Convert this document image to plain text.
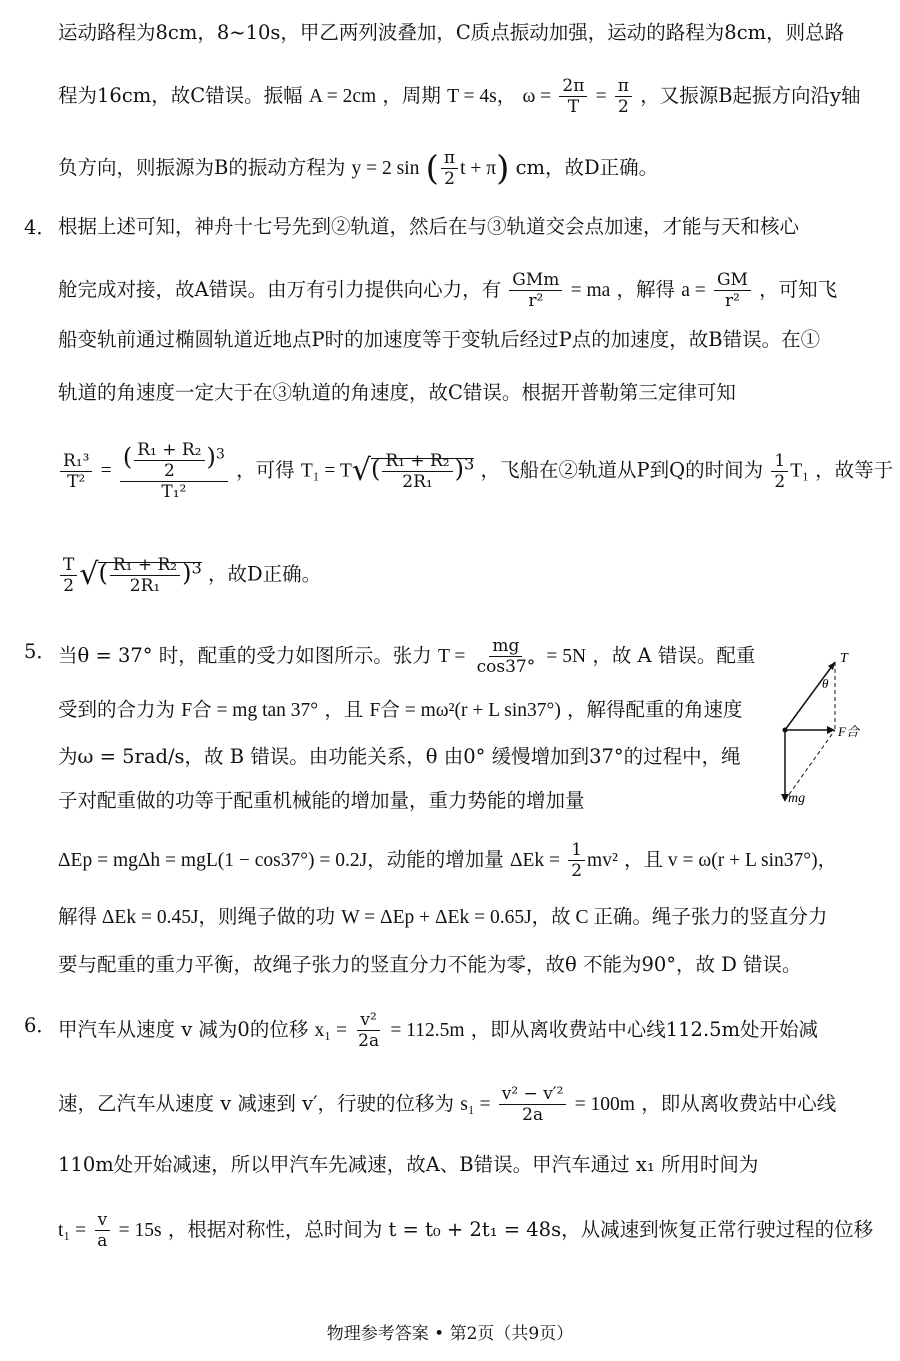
运动路程为8cm，8~10s，甲乙两列波叠加，C质点振动加强，运动的路程为8cm，则总路
程为16cm，故C错误。振幅 A = 2cm ，周期 T = 4s， $\omega = \frac{2\pi}{T} = \frac{\pi}{2}$ ，又振源B起振方向沿y轴
负方向，则振源为B的振动方程为 y = 2 sin ( $\frac{\pi}{2}$ t + π) cm，故D正确。
4． 根据上述可知，神舟十七号先到②轨道，然后在与③轨道交会点加速，才能与天和核心
舱完成对接，故A错误。由万有引力提供向心力，有 GMm
r² = ma ，解得 $a = \frac{GM}{\text{r²}}$ ，可知飞
船变轨前通过椭圆轨道近地点P时的加速度等于变轨后经过P点的加速度，故B错误。在①
轨道的角速度一定大于在③轨道的角速度，故C错误。根据开普勒第三定律可知
$\frac{\text{R₁³}}{\text{T²}} = \frac{( \frac{\text{R₁ + R₂}}{2} )^3}{\text{T₁²}}$ ，可得 $T_1 = T√( \frac{\text{R₁ + R₂}}{\text{2R₁}} )^3$ ，飞船在②轨道从P到Q的时间为 $\frac{1}{2} T_1$ ，故等于
$\frac{T}{2}$ √( $\frac{\text{R₁ + R₂}}{\text{2R₁}} )^3$ ，故D正确。
5． 当θ = 37° 时，配重的受力如图所示。张力 $T = \frac{mg}{\cos 37^\circ} = 5N$ ，故 A 错误。配重
受到的合力为 F合 = mg tan 37° ，且 F合 = mω²(r + L sin37°) ，解得配重的角速度
为ω = 5rad/s，故 B 错误。由功能关系，θ 由0° 缓慢增加到37°的过程中，绳
子对配重做的功等于配重机械能的增加量，重力势能的增加量
ΔEp = mgΔh = mgL(1 − cos37°) = 0.2J，动能的增加量 $\Delta Ek = \frac{1}{2} mv^2$ ，且 v = ω(r + L sin37°)，
解得 ΔEk = 0.45J，则绳子做的功 W = ΔEp + ΔEk = 0.65J，故 C 正确。绳子张力的竖直分力
要与配重的重力平衡，故绳子张力的竖直分力不能为零，故θ 不能为90°，故 D 错误。
T
θ
F合
mg
6． 甲汽车从速度 v 减为0的位移 $x_1 = \frac{\text{v²}}{2a} = 112.5m$ ，即从离收费站中心线112.5m处开始减
速，乙汽车从速度 v 减速到 v′，行驶的位移为 $s_1 = \frac{\text{v² − v′²}}{2a} = 100m$ ，即从离收费站中心线
110m处开始减速，所以甲汽车先减速，故A、B错误。甲汽车通过 x₁ 所用时间为
$t_1 = \frac{v}{a} = 15s$ ，根据对称性，总时间为 t = t₀ + 2t₁ = 48s，从减速到恢复正常行驶过程的位移
物理参考答案 • 第2页（共9页）
